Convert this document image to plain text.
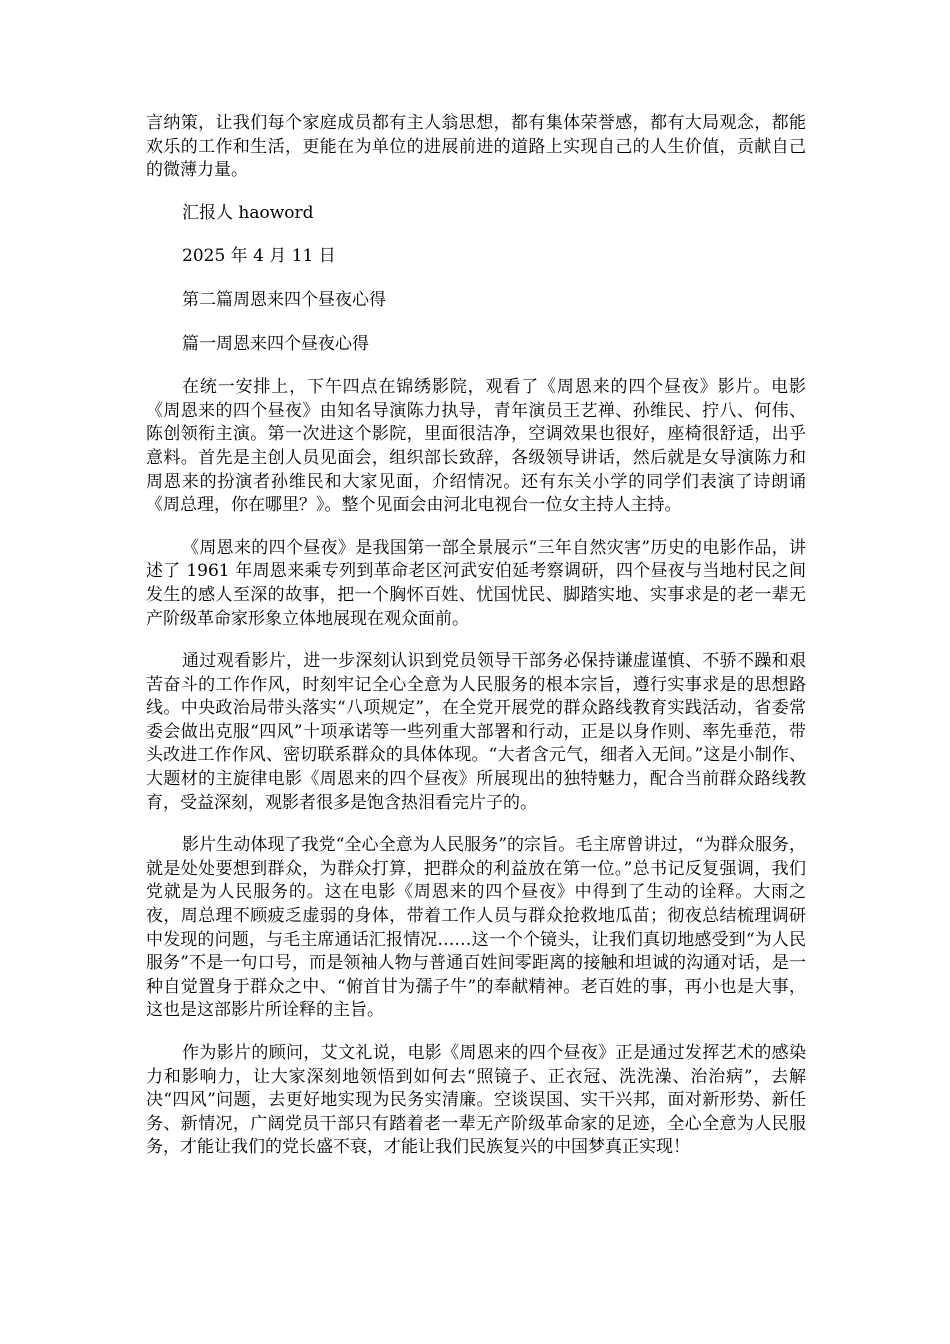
言纳策，让我们每个家庭成员都有主人翁思想，都有集体荣誉感，都有大局观念，都能欢乐的工作和生活，更能在为单位的进展前进的道路上实现自己的人生价值，贡献自己的微薄力量。

汇报人 haoword

2025 年 4 月 11 日

第二篇周恩来四个昼夜心得

篇一周恩来四个昼夜心得

在统一安排上，下午四点在锦绣影院，观看了《周恩来的四个昼夜》影片。电影《周恩来的四个昼夜》由知名导演陈力执导，青年演员王艺禅、孙维民、拧八、何伟、陈创领衔主演。第一次进这个影院，里面很洁净，空调效果也很好，座椅很舒适，出乎意料。首先是主创人员见面会，组织部长致辞，各级领导讲话，然后就是女导演陈力和周恩来的扮演者孙维民和大家见面，介绍情况。还有东关小学的同学们表演了诗朗诵《周总理，你在哪里？》。整个见面会由河北电视台一位女主持人主持。

《周恩来的四个昼夜》是我国第一部全景展示“三年自然灾害”历史的电影作品，讲述了 1961 年周恩来乘专列到革命老区河武安伯延考察调研，四个昼夜与当地村民之间发生的感人至深的故事，把一个胸怀百姓、忧国忧民、脚踏实地、实事求是的老一辈无产阶级革命家形象立体地展现在观众面前。

通过观看影片，进一步深刻认识到党员领导干部务必保持谦虚谨慎、不骄不躁和艰苦奋斗的工作作风，时刻牢记全心全意为人民服务的根本宗旨，遵行实事求是的思想路线。中央政治局带头落实“八项规定”，在全党开展党的群众路线教育实践活动，省委常委会做出克服“四风”十项承诺等一些列重大部署和行动，正是以身作则、率先垂范，带头改进工作作风、密切联系群众的具体体现。“大者含元气，细者入无间。”这是小制作、大题材的主旋律电影《周恩来的四个昼夜》所展现出的独特魅力，配合当前群众路线教育，受益深刻，观影者很多是饱含热泪看完片子的。

影片生动体现了我党“全心全意为人民服务”的宗旨。毛主席曾讲过，“为群众服务，就是处处要想到群众，为群众打算，把群众的利益放在第一位。”总书记反复强调，我们党就是为人民服务的。这在电影《周恩来的四个昼夜》中得到了生动的诠释。大雨之夜，周总理不顾疲乏虚弱的身体，带着工作人员与群众抢救地瓜苗；彻夜总结梳理调研中发现的问题，与毛主席通话汇报情况……这一个个镜头，让我们真切地感受到“为人民服务”不是一句口号，而是领袖人物与普通百姓间零距离的接触和坦诚的沟通对话，是一种自觉置身于群众之中、“俯首甘为孺子牛”的奉献精神。老百姓的事，再小也是大事，这也是这部影片所诠释的主旨。

作为影片的顾问，艾文礼说，电影《周恩来的四个昼夜》正是通过发挥艺术的感染力和影响力，让大家深刻地领悟到如何去“照镜子、正衣冠、洗洗澡、治治病”，去解决“四风”问题，去更好地实现为民务实清廉。空谈误国、实干兴邦，面对新形势、新任务、新情况，广阔党员干部只有踏着老一辈无产阶级革命家的足迹，全心全意为人民服务，才能让我们的党长盛不衰，才能让我们民族复兴的中国梦真正实现！
